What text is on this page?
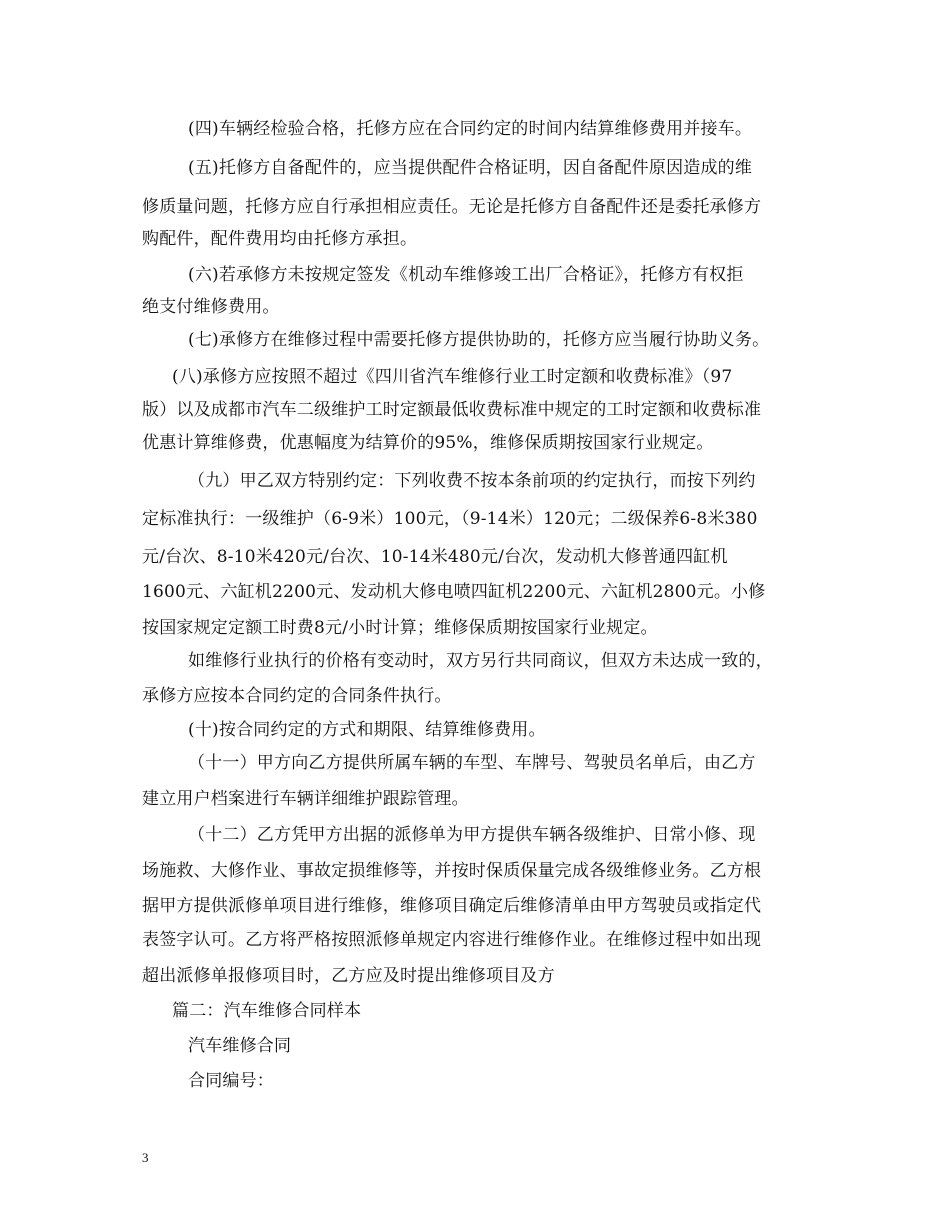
(四)车辆经检验合格，托修方应在合同约定的时间内结算维修费用并接车。
(五)托修方自备配件的，应当提供配件合格证明，因自备配件原因造成的维
修质量问题，托修方应自行承担相应责任。无论是托修方自备配件还是委托承修方
购配件，配件费用均由托修方承担。
(六)若承修方未按规定签发《机动车维修竣工出厂合格证》，托修方有权拒
绝支付维修费用。
(七)承修方在维修过程中需要托修方提供协助的，托修方应当履行协助义务。
(八)承修方应按照不超过《四川省汽车维修行业工时定额和收费标准》（97
版）以及成都市汽车二级维护工时定额最低收费标准中规定的工时定额和收费标准
优惠计算维修费，优惠幅度为结算价的95%，维修保质期按国家行业规定。
（九）甲乙双方特别约定：下列收费不按本条前项的约定执行，而按下列约
定标准执行：一级维护（6-9米）100元，（9-14米）120元；二级保养6-8米380
元/台次、8-10米420元/台次、10-14米480元/台次，发动机大修普通四缸机
1600元、六缸机2200元、发动机大修电喷四缸机2200元、六缸机2800元。小修
按国家规定定额工时费8元/小时计算；维修保质期按国家行业规定。
如维修行业执行的价格有变动时，双方另行共同商议，但双方未达成一致的，
承修方应按本合同约定的合同条件执行。
(十)按合同约定的方式和期限、结算维修费用。
（十一）甲方向乙方提供所属车辆的车型、车牌号、驾驶员名单后，由乙方
建立用户档案进行车辆详细维护跟踪管理。
（十二）乙方凭甲方出据的派修单为甲方提供车辆各级维护、日常小修、现
场施救、大修作业、事故定损维修等，并按时保质保量完成各级维修业务。乙方根
据甲方提供派修单项目进行维修，维修项目确定后维修清单由甲方驾驶员或指定代
表签字认可。乙方将严格按照派修单规定内容进行维修作业。在维修过程中如出现
超出派修单报修项目时，乙方应及时提出维修项目及方
篇二：汽车维修合同样本
汽车维修合同
合同编号：
3
